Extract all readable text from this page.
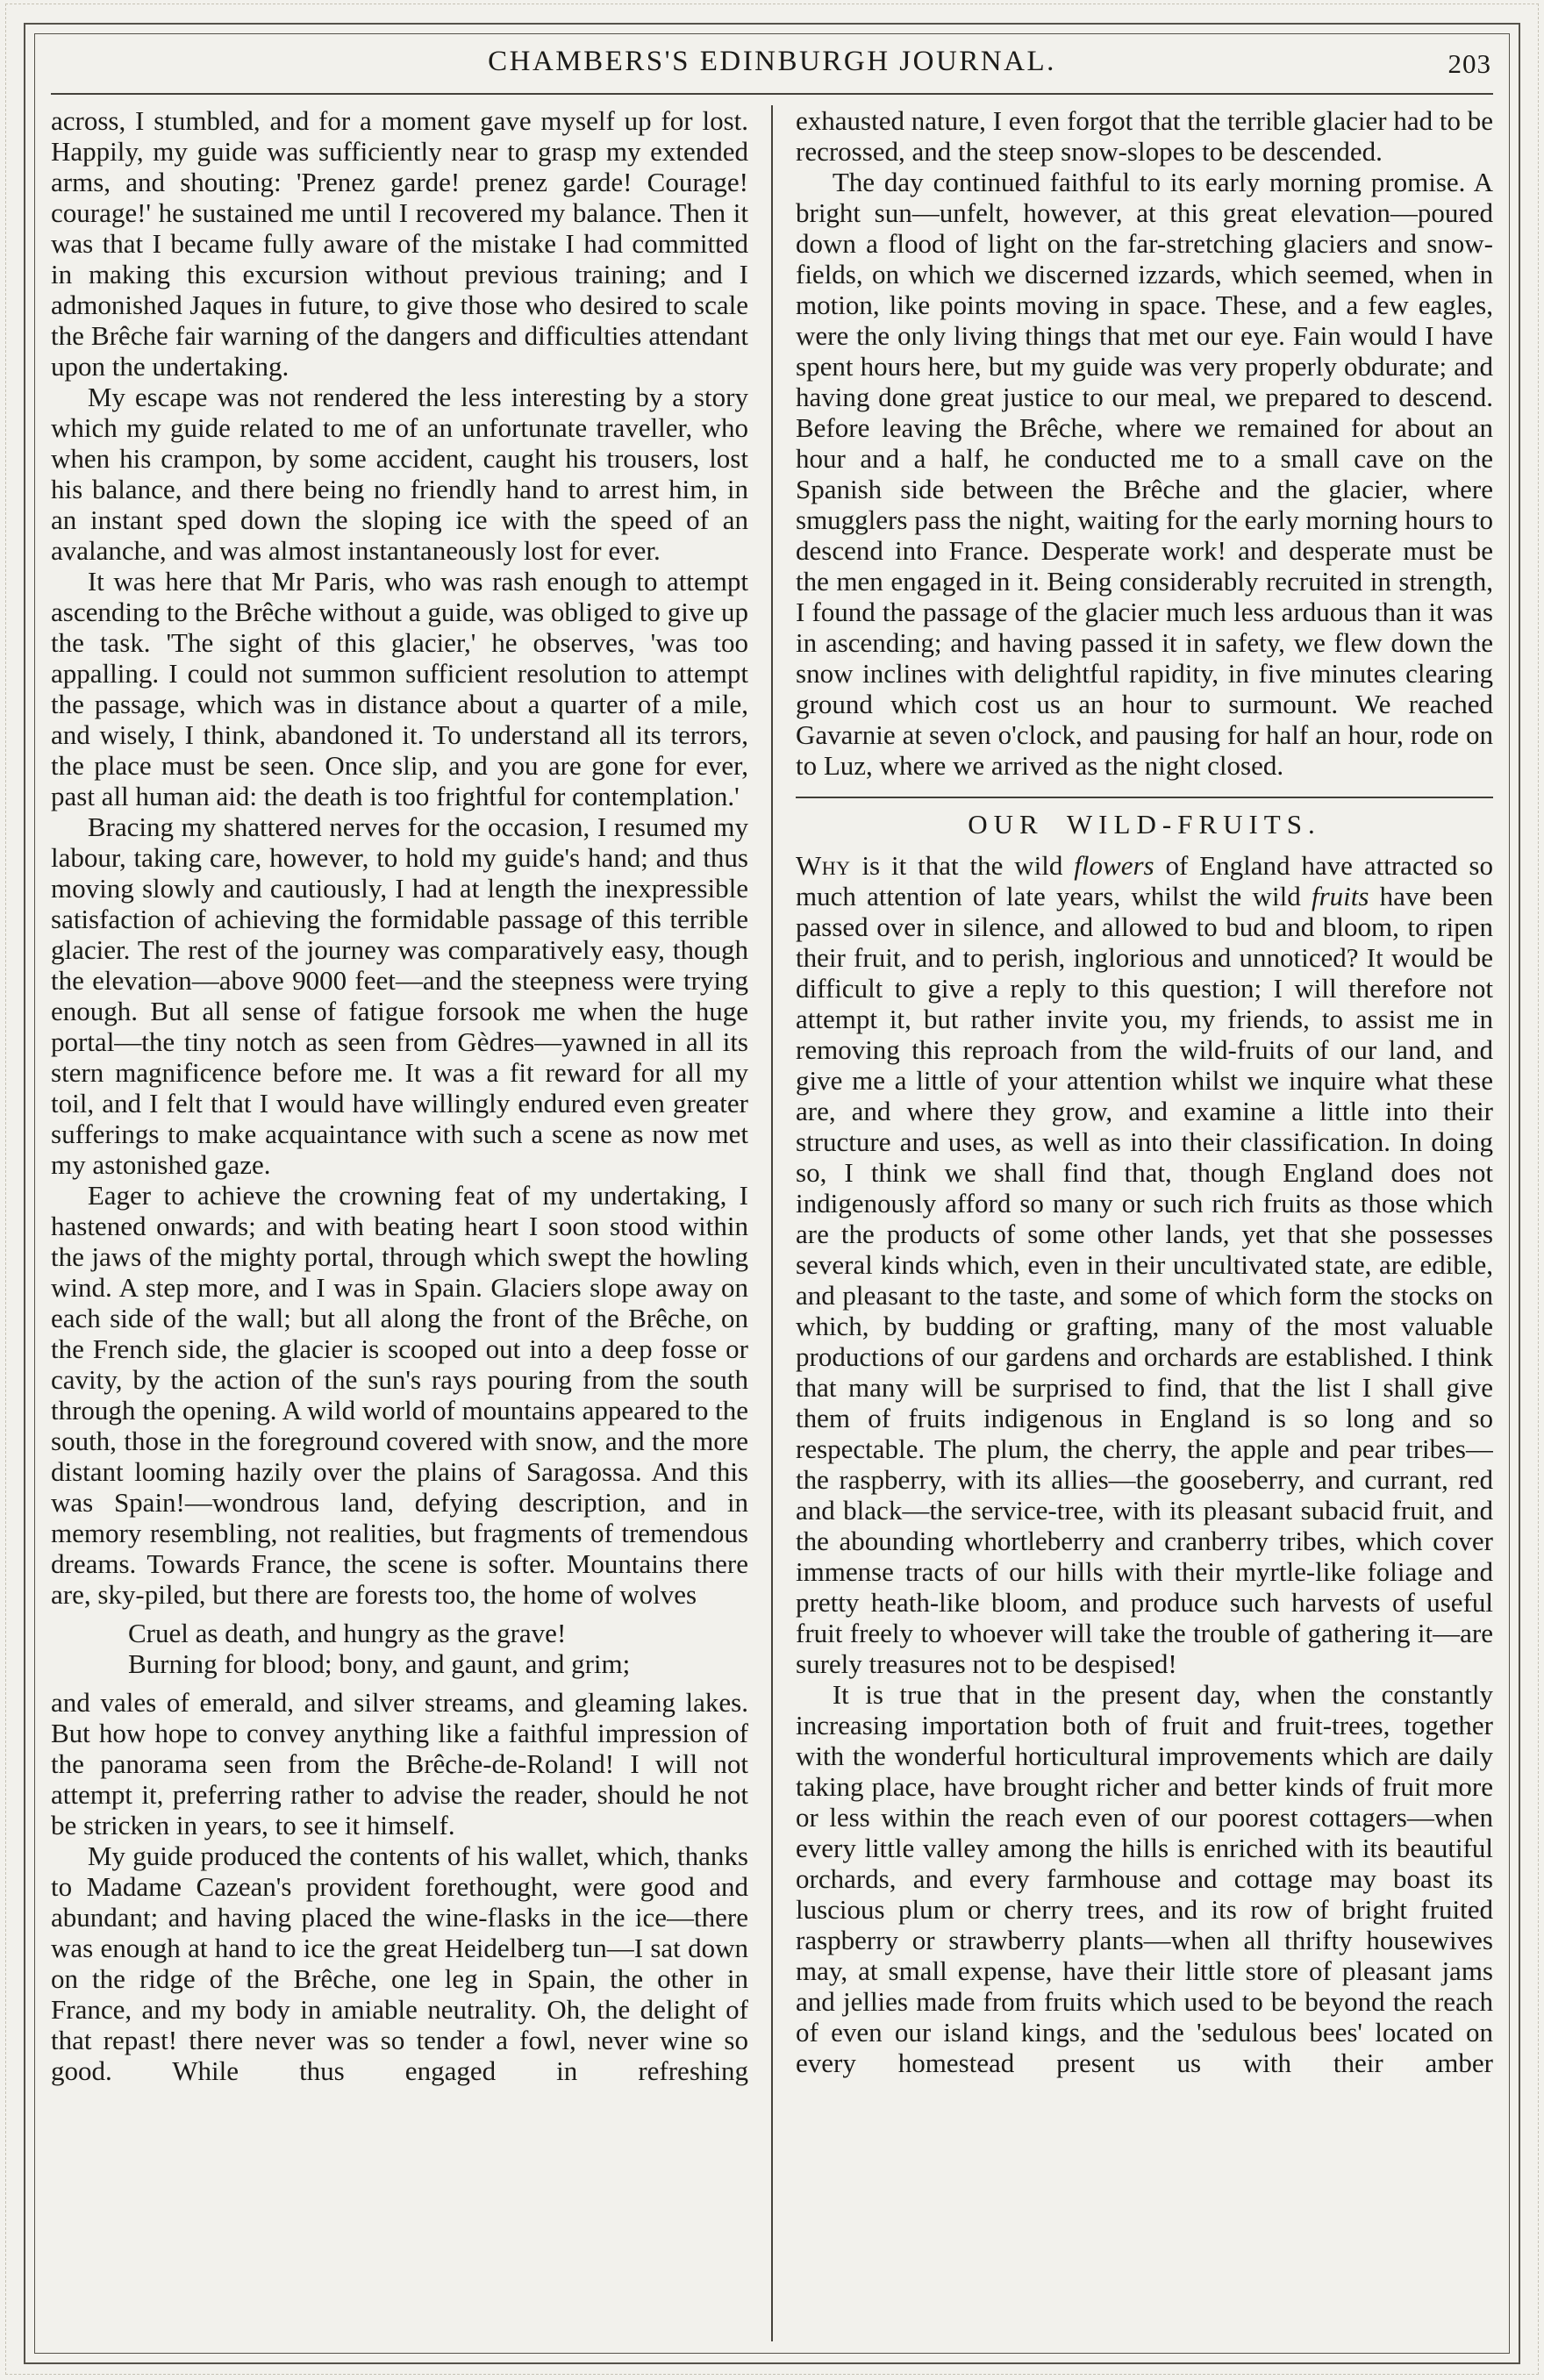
CHAMBERS'S EDINBURGH JOURNAL.	203

across, I stumbled, and for a moment gave myself up for lost. Happily, my guide was sufficiently near to grasp my extended arms, and shouting: 'Prenez garde! prenez garde! Courage! courage!' he sustained me until I recovered my balance. Then it was that I became fully aware of the mistake I had committed in making this excursion without previous training; and I admonished Jaques in future, to give those who desired to scale the Brêche fair warning of the dangers and difficulties attendant upon the undertaking.

My escape was not rendered the less interesting by a story which my guide related to me of an unfortunate traveller, who when his crampon, by some accident, caught his trousers, lost his balance, and there being no friendly hand to arrest him, in an instant sped down the sloping ice with the speed of an avalanche, and was almost instantaneously lost for ever.

It was here that Mr Paris, who was rash enough to attempt ascending to the Brêche without a guide, was obliged to give up the task. 'The sight of this glacier,' he observes, 'was too appalling. I could not summon sufficient resolution to attempt the passage, which was in distance about a quarter of a mile, and wisely, I think, abandoned it. To understand all its terrors, the place must be seen. Once slip, and you are gone for ever, past all human aid: the death is too frightful for contemplation.'

Bracing my shattered nerves for the occasion, I resumed my labour, taking care, however, to hold my guide's hand; and thus moving slowly and cautiously, I had at length the inexpressible satisfaction of achieving the formidable passage of this terrible glacier. The rest of the journey was comparatively easy, though the elevation—above 9000 feet—and the steepness were trying enough. But all sense of fatigue forsook me when the huge portal—the tiny notch as seen from Gèdres—yawned in all its stern magnificence before me. It was a fit reward for all my toil, and I felt that I would have willingly endured even greater sufferings to make acquaintance with such a scene as now met my astonished gaze.

Eager to achieve the crowning feat of my undertaking, I hastened onwards; and with beating heart I soon stood within the jaws of the mighty portal, through which swept the howling wind. A step more, and I was in Spain. Glaciers slope away on each side of the wall; but all along the front of the Brêche, on the French side, the glacier is scooped out into a deep fosse or cavity, by the action of the sun's rays pouring from the south through the opening. A wild world of mountains appeared to the south, those in the foreground covered with snow, and the more distant looming hazily over the plains of Saragossa. And this was Spain!—wondrous land, defying description, and in memory resembling, not realities, but fragments of tremendous dreams. Towards France, the scene is softer. Mountains there are, sky-piled, but there are forests too, the home of wolves

Cruel as death, and hungry as the grave!
Burning for blood; bony, and gaunt, and grim;

and vales of emerald, and silver streams, and gleaming lakes. But how hope to convey anything like a faithful impression of the panorama seen from the Brêche-de-Roland! I will not attempt it, preferring rather to advise the reader, should he not be stricken in years, to see it himself.

My guide produced the contents of his wallet, which, thanks to Madame Cazean's provident forethought, were good and abundant; and having placed the wine-flasks in the ice—there was enough at hand to ice the great Heidelberg tun—I sat down on the ridge of the Brêche, one leg in Spain, the other in France, and my body in amiable neutrality. Oh, the delight of that repast! there never was so tender a fowl, never wine so good. While thus engaged in refreshing

exhausted nature, I even forgot that the terrible glacier had to be recrossed, and the steep snow-slopes to be descended.

The day continued faithful to its early morning promise. A bright sun—unfelt, however, at this great elevation—poured down a flood of light on the far-stretching glaciers and snow-fields, on which we discerned izzards, which seemed, when in motion, like points moving in space. These, and a few eagles, were the only living things that met our eye. Fain would I have spent hours here, but my guide was very properly obdurate; and having done great justice to our meal, we prepared to descend. Before leaving the Brêche, where we remained for about an hour and a half, he conducted me to a small cave on the Spanish side between the Brêche and the glacier, where smugglers pass the night, waiting for the early morning hours to descend into France. Desperate work! and desperate must be the men engaged in it. Being considerably recruited in strength, I found the passage of the glacier much less arduous than it was in ascending; and having passed it in safety, we flew down the snow inclines with delightful rapidity, in five minutes clearing ground which cost us an hour to surmount. We reached Gavarnie at seven o'clock, and pausing for half an hour, rode on to Luz, where we arrived as the night closed.

OUR WILD-FRUITS.

Why is it that the wild flowers of England have attracted so much attention of late years, whilst the wild fruits have been passed over in silence, and allowed to bud and bloom, to ripen their fruit, and to perish, inglorious and unnoticed? It would be difficult to give a reply to this question; I will therefore not attempt it, but rather invite you, my friends, to assist me in removing this reproach from the wild-fruits of our land, and give me a little of your attention whilst we inquire what these are, and where they grow, and examine a little into their structure and uses, as well as into their classification. In doing so, I think we shall find that, though England does not indigenously afford so many or such rich fruits as those which are the products of some other lands, yet that she possesses several kinds which, even in their uncultivated state, are edible, and pleasant to the taste, and some of which form the stocks on which, by budding or grafting, many of the most valuable productions of our gardens and orchards are established. I think that many will be surprised to find, that the list I shall give them of fruits indigenous in England is so long and so respectable. The plum, the cherry, the apple and pear tribes—the raspberry, with its allies—the gooseberry, and currant, red and black—the service-tree, with its pleasant subacid fruit, and the abounding whortleberry and cranberry tribes, which cover immense tracts of our hills with their myrtle-like foliage and pretty heath-like bloom, and produce such harvests of useful fruit freely to whoever will take the trouble of gathering it—are surely treasures not to be despised!

It is true that in the present day, when the constantly increasing importation both of fruit and fruit-trees, together with the wonderful horticultural improvements which are daily taking place, have brought richer and better kinds of fruit more or less within the reach even of our poorest cottagers—when every little valley among the hills is enriched with its beautiful orchards, and every farmhouse and cottage may boast its luscious plum or cherry trees, and its row of bright fruited raspberry or strawberry plants—when all thrifty housewives may, at small expense, have their little store of pleasant jams and jellies made from fruits which used to be beyond the reach of even our island kings, and the 'sedulous bees' located on every homestead present us with their amber
